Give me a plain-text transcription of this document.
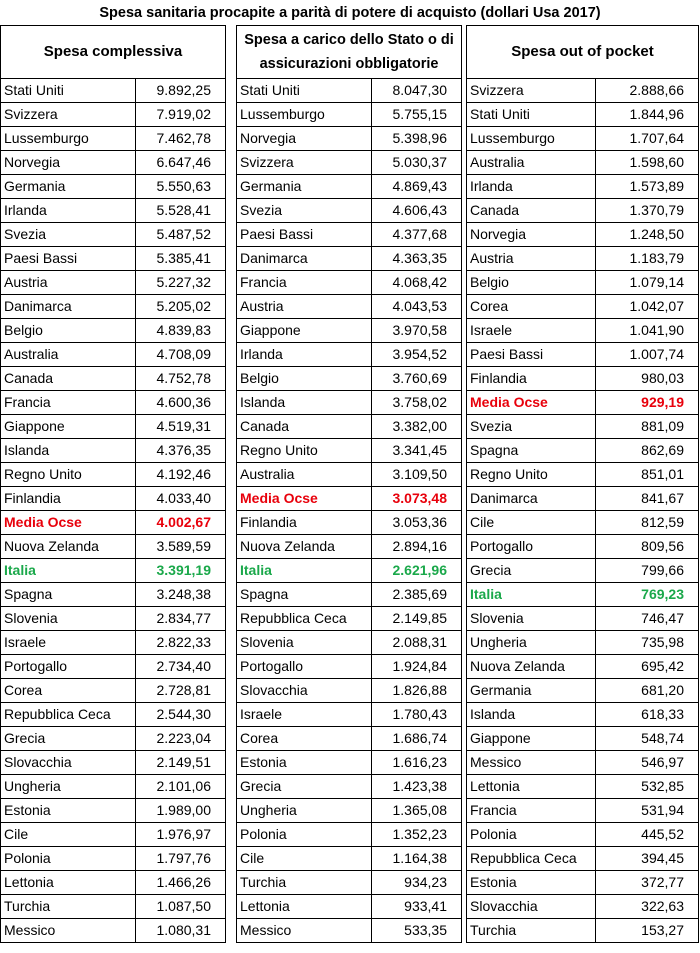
Spesa sanitaria procapite a parità di potere di acquisto (dollari Usa 2017)
Spesa complessiva
Stati Uniti	9.892,25
Svizzera	7.919,02
Lussemburgo	7.462,78
Norvegia	6.647,46
Germania	5.550,63
Irlanda	5.528,41
Svezia	5.487,52
Paesi Bassi	5.385,41
Austria	5.227,32
Danimarca	5.205,02
Belgio	4.839,83
Australia	4.708,09
Canada	4.752,78
Francia	4.600,36
Giappone	4.519,31
Islanda	4.376,35
Regno Unito	4.192,46
Finlandia	4.033,40
Media Ocse	4.002,67
Nuova Zelanda	3.589,59
Italia	3.391,19
Spagna	3.248,38
Slovenia	2.834,77
Israele	2.822,33
Portogallo	2.734,40
Corea	2.728,81
Repubblica Ceca	2.544,30
Grecia	2.223,04
Slovacchia	2.149,51
Ungheria	2.101,06
Estonia	1.989,00
Cile	1.976,97
Polonia	1.797,76
Lettonia	1.466,26
Turchia	1.087,50
Messico	1.080,31
Spesa a carico dello Stato o di assicurazioni obbligatorie
Stati Uniti	8.047,30
Lussemburgo	5.755,15
Norvegia	5.398,96
Svizzera	5.030,37
Germania	4.869,43
Svezia	4.606,43
Paesi Bassi	4.377,68
Danimarca	4.363,35
Francia	4.068,42
Austria	4.043,53
Giappone	3.970,58
Irlanda	3.954,52
Belgio	3.760,69
Islanda	3.758,02
Canada	3.382,00
Regno Unito	3.341,45
Australia	3.109,50
Media Ocse	3.073,48
Finlandia	3.053,36
Nuova Zelanda	2.894,16
Italia	2.621,96
Spagna	2.385,69
Repubblica Ceca	2.149,85
Slovenia	2.088,31
Portogallo	1.924,84
Slovacchia	1.826,88
Israele	1.780,43
Corea	1.686,74
Estonia	1.616,23
Grecia	1.423,38
Ungheria	1.365,08
Polonia	1.352,23
Cile	1.164,38
Turchia	934,23
Lettonia	933,41
Messico	533,35
Spesa out of pocket
Svizzera	2.888,66
Stati Uniti	1.844,96
Lussemburgo	1.707,64
Australia	1.598,60
Irlanda	1.573,89
Canada	1.370,79
Norvegia	1.248,50
Austria	1.183,79
Belgio	1.079,14
Corea	1.042,07
Israele	1.041,90
Paesi Bassi	1.007,74
Finlandia	980,03
Media Ocse	929,19
Svezia	881,09
Spagna	862,69
Regno Unito	851,01
Danimarca	841,67
Cile	812,59
Portogallo	809,56
Grecia	799,66
Italia	769,23
Slovenia	746,47
Ungheria	735,98
Nuova Zelanda	695,42
Germania	681,20
Islanda	618,33
Giappone	548,74
Messico	546,97
Lettonia	532,85
Francia	531,94
Polonia	445,52
Repubblica Ceca	394,45
Estonia	372,77
Slovacchia	322,63
Turchia	153,27
